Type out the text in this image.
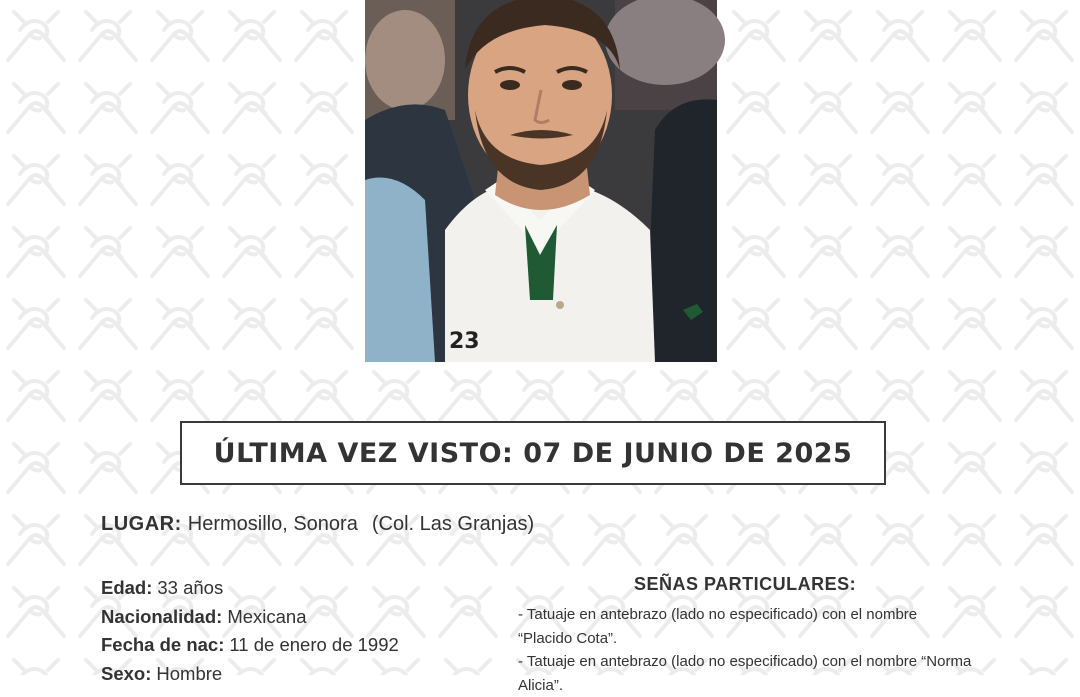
23
ÚLTIMA VEZ VISTO: 07 DE JUNIO DE 2025
LUGAR: Hermosillo, Sonora (Col. Las Granjas)
Edad: 33 años
Nacionalidad: Mexicana
Fecha de nac: 11 de enero de 1992
Sexo: Hombre
SEÑAS PARTICULARES:
- Tatuaje en antebrazo (lado no especificado) con el nombre
“Placido Cota”.
- Tatuaje en antebrazo (lado no especificado) con el nombre “Norma
Alicia”.
